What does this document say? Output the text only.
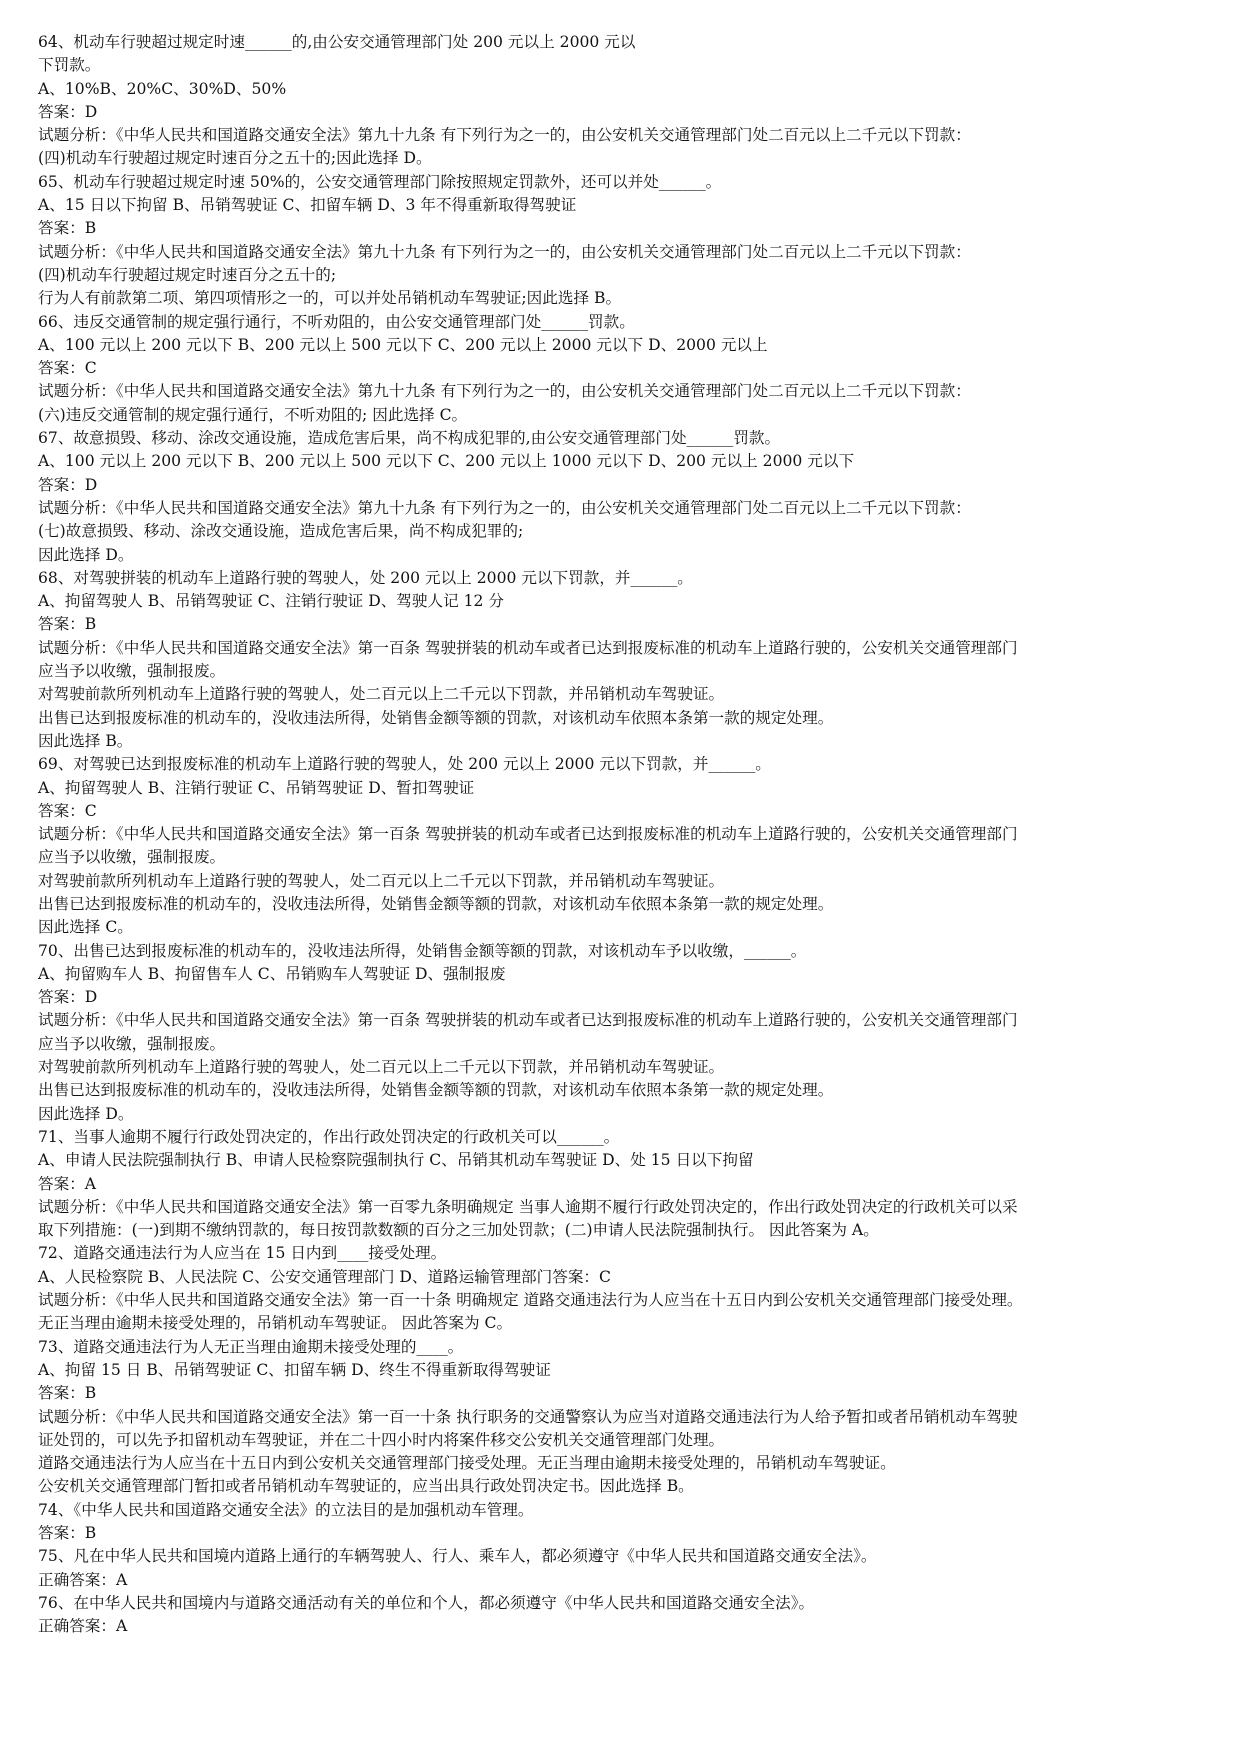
64、机动车行驶超过规定时速______的,由公安交通管理部门处 200 元以上 2000 元以
下罚款。
A、10%B、20%C、30%D、50%
答案：D
试题分析：《中华人民共和国道路交通安全法》第九十九条 有下列行为之一的，由公安机关交通管理部门处二百元以上二千元以下罚款：
(四)机动车行驶超过规定时速百分之五十的;因此选择 D。
65、机动车行驶超过规定时速 50%的，公安交通管理部门除按照规定罚款外，还可以并处______。
A、15 日以下拘留 B、吊销驾驶证 C、扣留车辆 D、3 年不得重新取得驾驶证
答案：B
试题分析：《中华人民共和国道路交通安全法》第九十九条 有下列行为之一的，由公安机关交通管理部门处二百元以上二千元以下罚款：
(四)机动车行驶超过规定时速百分之五十的;
行为人有前款第二项、第四项情形之一的，可以并处吊销机动车驾驶证;因此选择 B。
66、违反交通管制的规定强行通行，不听劝阻的，由公安交通管理部门处______罚款。
A、100 元以上 200 元以下 B、200 元以上 500 元以下 C、200 元以上 2000 元以下 D、2000 元以上
答案：C
试题分析：《中华人民共和国道路交通安全法》第九十九条 有下列行为之一的，由公安机关交通管理部门处二百元以上二千元以下罚款：
(六)违反交通管制的规定强行通行，不听劝阻的; 因此选择 C。
67、故意损毁、移动、涂改交通设施，造成危害后果，尚不构成犯罪的,由公安交通管理部门处______罚款。
A、100 元以上 200 元以下 B、200 元以上 500 元以下 C、200 元以上 1000 元以下 D、200 元以上 2000 元以下
答案：D
试题分析：《中华人民共和国道路交通安全法》第九十九条 有下列行为之一的，由公安机关交通管理部门处二百元以上二千元以下罚款：
(七)故意损毁、移动、涂改交通设施，造成危害后果，尚不构成犯罪的;
因此选择 D。
68、对驾驶拼装的机动车上道路行驶的驾驶人，处 200 元以上 2000 元以下罚款，并______。
A、拘留驾驶人 B、吊销驾驶证 C、注销行驶证 D、驾驶人记 12 分
答案：B
试题分析：《中华人民共和国道路交通安全法》第一百条 驾驶拼装的机动车或者已达到报废标准的机动车上道路行驶的，公安机关交通管理部门
应当予以收缴，强制报废。
对驾驶前款所列机动车上道路行驶的驾驶人，处二百元以上二千元以下罚款，并吊销机动车驾驶证。
出售已达到报废标准的机动车的，没收违法所得，处销售金额等额的罚款，对该机动车依照本条第一款的规定处理。
因此选择 B。
69、对驾驶已达到报废标准的机动车上道路行驶的驾驶人，处 200 元以上 2000 元以下罚款，并______。
A、拘留驾驶人 B、注销行驶证 C、吊销驾驶证 D、暂扣驾驶证
答案：C
试题分析：《中华人民共和国道路交通安全法》第一百条 驾驶拼装的机动车或者已达到报废标准的机动车上道路行驶的，公安机关交通管理部门
应当予以收缴，强制报废。
对驾驶前款所列机动车上道路行驶的驾驶人，处二百元以上二千元以下罚款，并吊销机动车驾驶证。
出售已达到报废标准的机动车的，没收违法所得，处销售金额等额的罚款，对该机动车依照本条第一款的规定处理。
因此选择 C。
70、出售已达到报废标准的机动车的，没收违法所得，处销售金额等额的罚款，对该机动车予以收缴，______。
A、拘留购车人 B、拘留售车人 C、吊销购车人驾驶证 D、强制报废
答案：D
试题分析：《中华人民共和国道路交通安全法》第一百条 驾驶拼装的机动车或者已达到报废标准的机动车上道路行驶的，公安机关交通管理部门
应当予以收缴，强制报废。
对驾驶前款所列机动车上道路行驶的驾驶人，处二百元以上二千元以下罚款，并吊销机动车驾驶证。
出售已达到报废标准的机动车的，没收违法所得，处销售金额等额的罚款，对该机动车依照本条第一款的规定处理。
因此选择 D。
71、当事人逾期不履行行政处罚决定的，作出行政处罚决定的行政机关可以______。
A、申请人民法院强制执行 B、申请人民检察院强制执行 C、吊销其机动车驾驶证 D、处 15 日以下拘留
答案：A
试题分析：《中华人民共和国道路交通安全法》第一百零九条明确规定 当事人逾期不履行行政处罚决定的，作出行政处罚决定的行政机关可以采
取下列措施：(一)到期不缴纳罚款的，每日按罚款数额的百分之三加处罚款；(二)申请人民法院强制执行。 因此答案为 A。
72、道路交通违法行为人应当在 15 日内到____接受处理。
A、人民检察院 B、人民法院 C、公安交通管理部门 D、道路运输管理部门答案：C
试题分析：《中华人民共和国道路交通安全法》第一百一十条 明确规定 道路交通违法行为人应当在十五日内到公安机关交通管理部门接受处理。
无正当理由逾期未接受处理的，吊销机动车驾驶证。 因此答案为 C。
73、道路交通违法行为人无正当理由逾期未接受处理的____。
A、拘留 15 日 B、吊销驾驶证 C、扣留车辆 D、终生不得重新取得驾驶证
答案：B
试题分析：《中华人民共和国道路交通安全法》第一百一十条 执行职务的交通警察认为应当对道路交通违法行为人给予暂扣或者吊销机动车驾驶
证处罚的，可以先予扣留机动车驾驶证，并在二十四小时内将案件移交公安机关交通管理部门处理。
道路交通违法行为人应当在十五日内到公安机关交通管理部门接受处理。无正当理由逾期未接受处理的，吊销机动车驾驶证。
公安机关交通管理部门暂扣或者吊销机动车驾驶证的，应当出具行政处罚决定书。因此选择 B。
74、《中华人民共和国道路交通安全法》的立法目的是加强机动车管理。
答案：B
75、凡在中华人民共和国境内道路上通行的车辆驾驶人、行人、乘车人，都必须遵守《中华人民共和国道路交通安全法》。
正确答案：A
76、在中华人民共和国境内与道路交通活动有关的单位和个人，都必须遵守《中华人民共和国道路交通安全法》。
正确答案：A
